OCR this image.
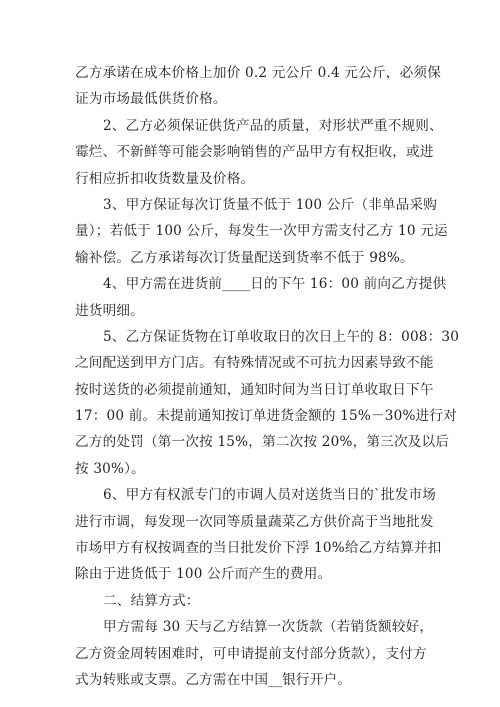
乙方承诺在成本价格上加价 0.2 元公斤 0.4 元公斤，必须保
证为市场最低供货价格。

2、乙方必须保证供货产品的质量，对形状严重不规则、
霉烂、不新鲜等可能会影响销售的产品甲方有权拒收，或进
行相应折扣收货数量及价格。

3、甲方保证每次订货量不低于 100 公斤（非单品采购
量）；若低于 100 公斤，每发生一次甲方需支付乙方 10 元运
输补偿。乙方承诺每次订货量配送到货率不低于 98%。

4、甲方需在进货前____日的下午 16：00 前向乙方提供
进货明细。

5、乙方保证货物在订单收取日的次日上午的 8：008：30
之间配送到甲方门店。有特殊情况或不可抗力因素导致不能
按时送货的必须提前通知，通知时间为当日订单收取日下午
17：00 前。未提前通知按订单进货金额的 15%－30%进行对
乙方的处罚（第一次按 15%，第二次按 20%，第三次及以后
按 30%）。

6、甲方有权派专门的市调人员对送货当日的`批发市场
进行市调，每发现一次同等质量蔬菜乙方供价高于当地批发
市场甲方有权按调查的当日批发价下浮 10%给乙方结算并扣
除由于进货低于 100 公斤而产生的费用。

二、结算方式：

甲方需每 30 天与乙方结算一次货款（若销货额较好，
乙方资金周转困难时，可申请提前支付部分货款），支付方
式为转账或支票。乙方需在中国__银行开户。
